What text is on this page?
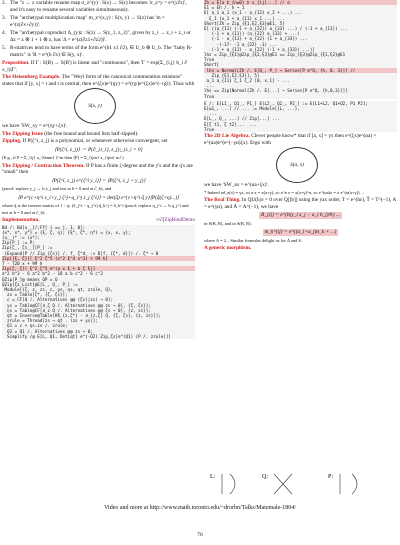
2. The "z → z variable rename map σ_z^(y) : S(z) → S(z) becomes 'σ_z^y = e^(y∂z)', and it's easy to rename several variables simultaneously.
3. The "archetypal multiplication map" m_z^(x,y) : S(x, y) → S(z) has 'm = e^(z(∂x+∂y))'.
4. The "archetypal coproduct Δ_(y)z : S(z) → S(z_1, z_2)", given by z_i → z_i + z_i or Δz = z ⊗ 1 + 1 ⊗ z, has 'Δ = e^(z(∂z1+∂z2))'.
5. R-matrices tend to have terms of the form e^(b1 x1 ∂2), ∈ U_b ⊗ U_b. The "baby R-matrix" is 'R = e^(b ∂x) ∈ S(y, x)'.
Proposition. If Γ : S(B) → S(B') is linear and "continuous", then 'Γ = exp(Σ_{i,j} b_i ∂ x_i)|Γ'.
The Heisenberg Example. The "Weyl form of the canonical commutation relations" states that if [y, x] = t and t is central, then e^(ξx)e^(ηy) = e^(ηy)e^(ξx)e^(−ηξt). Thus with
S(x, y)
we have 'SW_xy = e^(ηy+ξx)'.
The Zipping Issue (the free bound and bound lists half-zipped).
Zipping. If P(ζ^i, z_j) is a polynomial, or whenever otherwise convergent, set
⟨P(ζ^i, z_j)⟩ := P(∂_{z_i}, z_j)|_{z_i = 0}
(E.g., if P = Σ_{ij} a_{iknm} ζ^m then ⟨P⟩ = Σ_{ijm} a_{ijm} m!.)
The Zipping / Contraction Theorem. If P has a finite ζ-degree and the y's and the q's are "small" then
⟨P(ζ^i, z_j) e^{ζ^i y_i}⟩ = ⟨P(ζ^i, z_j + y_j)⟩
(proof: replace y_j → b y_j and test at h = 0 and at ∂_b), and
⟨P e^{c+η^i z_i+y_j ζ^j+q_i^j z_j ζ^i}⟩ = det(q̃) e^{c+η^i q̃ y}⟨P(q̃(ζ+η)...)⟩
where q̃ is the inverse matrix of 1 − q: (δ_j^i − q_j^i) q̃_k^j = δ_k^i (proof: replace q_j^i → b q_j^i and test at b = 0 and at ∂_b).
Implementation.	∞∂[ZipBindDemo
Bd /: Bd[x__]/;Ff[ i == j, 1, 0];
{x*, x*, y*} = {ξ, ζ, η}; {ξ*, ζ*, η*} = {x, x, y};
(u__)* := (u*);
Zip[P_] := P;
Zip[ζ_, ζs__][P_] :=
(Expand[P // Zip_{ζs}] /. f_ ζ^d_ :> D[f, {ζ*, d}]) /. ζ* → 0
Zip[{ξ, ζ}][ ξ^2 ζ^5 (x^2 ξ^4 x^3) + 99 h]
7 - 720 x + 99 h
Zip[ζ, ζ][ ξ^2 ζ^5 e^(a x ξ + b ζ ξ)]
a^2 b^3 - 6 a^2 b^2 - 18 a b c^2 - 6 c^2
QZip[P_]@ means QP = Q
QZip[ζs_List]@E[L_, Q_, P_] :=
Module[{ζ, z, zs, c, ys, ηs, qt, zrule, Q},
zs = Table[ζ*, {ζ, ζs}];
c = CF[Q /. Alternatives @@ (ζs)|zs) → 0];
ys = Table@CF[∂_ζ Q /. Alternatives @@ zs → 0], {ζ, ζs}];
ηs = Table@CF[∂_z Q /. Alternatives @@ ζs → 0], {z, zs}];
qt = Inverse@Table[Kδ_{z,ζ*} - ∂_{z,ζ} Q, {ζ, ζs}, {z, zs}]];
zrule = Thread[zs → qt . (zs + ys)];
Q1 = c + ηs.zs /. zrule;
Q2 = Q1 /. Alternatives @@ zs → 0;
Simplify /@ E[L, Q1, Det[qt] e^(-Q2) Zip_ζs[e^(Q1) (P /. zrule)]]
Zh = E[a Σ_{n≥0} Σ x_{ij}...] // σ
E1 = Eh /. h → 1
E[ a_1 α_1 (x_1 - a_{12} x_2 + ...) ...
ξ_1 (x_1 + a_{11} x_1 ...) ...
Short[Zh = Zip_{ξ1,ξ2,ξ3}@E1, 5]
E[ ((a_{11} (-1 + a_{22}) a_{33} ...) / (-1 + a_{11}) ...
(-1 + a_{11}) (a_{22} a_{33} + ...)
(-1 - a_{11} + a_{22} (1 + a_{33}) ...
-(-17- -1 a_{22} -1) ...
(-1 + a_{11} - a_{22} (-1 + a_{33}) ...)]
lhs = Zip_{ξ1}@Zip_{ξ2,ξ3}@E1 == Zip_{ξ3}@Zip_{ξ1,ξ2}@E1
True
Short[
lhs = Normal[Zh /. E[Q_, P_] → Series[P e^Q, {h, 0, 3}]] //
Zip_{ξ1,ξ2,ξ3}], 5]
a_1 a_{11} ζ_1 ζ_2 [0, x_1] - ...
...
lhs == Zip[Normal[Zh /. E[...] → Series[P e^Q, {h,0,3}]]]
True
E /: E[L1_, Q1_, P1_] E[L2_, Q2_, P2_] := E[L1+L2, Q1+Q2, P1 P2];
E[ω1_, ...] // ... := Module[{L, ...},
...
E[L_, Q_, ...] // Zip[...] ...
E[ζ t1, ζ t2]...  ...
True
The 2D Lie Algebra. Clever people know* that if [a, x] = γx then e^(ξx)e^(αa) = e^(αa)e^(e^(−γα)ξx). Ergo with
S(a, x)
we have 'SW_ax = e^(αa+ξx)'.
* Indeed ad_a(x) = γx, so a·x = x(a+γ), so a^n x = x(a+γ)^n, so e^(αa)x = x e^(α(a+γ)) ...
The Real Thing. In QU(h)ε = 0 over Q[[b]] using the yax order, T = e^(hε), T̄ = T^(−1), A = e^(γα), and Ā = A^(−1), we have
R_{ij} = e^{b(y_i x_j − a_i b_j)/ħ} ...
in S(B, B), and in S(B, B).
m_k^{ij} = e^{(a_i+a_j)α_k + ...}
where A = 2... Similar formulas delight us for Δ and S.
A generic morphism.
L:	Q:	P:
Video and more at http://www.math.toronto.edu/~drorbn/Talks/Matemale-1804/
76
